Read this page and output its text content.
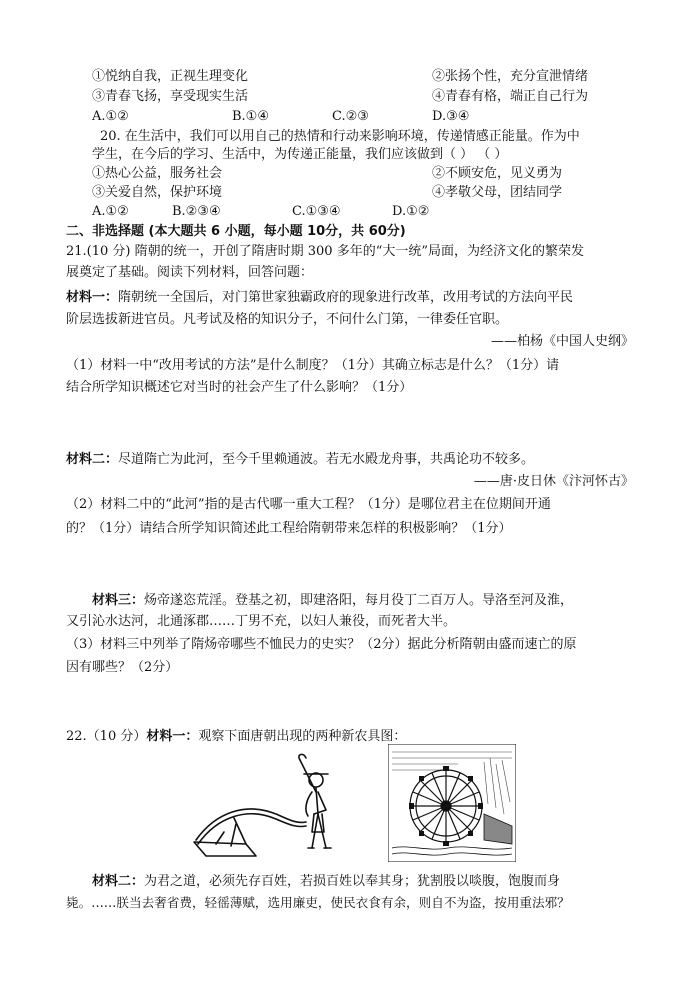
①悦纳自我，正视生理变化	②张扬个性，充分宣泄情绪
③青春飞扬，享受现实生活	④青春有格，端正自己行为
A.①②	B.①④	C.②③	D.③④
20. 在生活中，我们可以用自己的热情和行动来影响环境，传递情感正能量。作为中
学生，在今后的学习、生活中，为传递正能量，我们应该做到（ ） （ ）
①热心公益，服务社会	②不顾安危，见义勇为
③关爱自然，保护环境	④孝敬父母，团结同学
A.①②	B.②③④	C.①③④	D.①②
二、非选择题 (本大题共 6 小题，每小题 10分，共 60分)
21.(10 分) 隋朝的统一，开创了隋唐时期 300 多年的“大一统”局面，为经济文化的繁荣发
展奠定了基础。阅读下列材料，回答问题：
材料一：隋朝统一全国后，对门第世家独霸政府的现象进行改革，改用考试的方法向平民
阶层选拔新进官员。凡考试及格的知识分子，不问什么门第，一律委任官职。
——柏杨《中国人史纲》
（1）材料一中“改用考试的方法”是什么制度？（1分）其确立标志是什么？（1分）请
结合所学知识概述它对当时的社会产生了什么影响？（1分）
材料二：尽道隋亡为此河，至今千里赖通波。若无水殿龙舟事，共禹论功不较多。
——唐·皮日休《汴河怀古》
（2）材料二中的“此河”指的是古代哪一重大工程？（1分）是哪位君主在位期间开通
的？（1分）请结合所学知识简述此工程给隋朝带来怎样的积极影响？（1分）
材料三：炀帝遂恣荒淫。登基之初，即建洛阳，每月役丁二百万人。导洛至河及淮，
又引沁水达河，北通涿郡……丁男不充，以妇人兼役，而死者大半。
（3）材料三中列举了隋炀帝哪些不恤民力的史实？（2分）据此分析隋朝由盛而速亡的原
因有哪些？（2分）
22.（10 分）材料一：观察下面唐朝出现的两种新农具图：
材料二：为君之道，必须先存百姓，若损百姓以奉其身；犹割股以啖腹，饱腹而身
毙。……朕当去奢省费，轻徭薄赋，选用廉吏，使民衣食有余，则自不为盗，按用重法邪？
